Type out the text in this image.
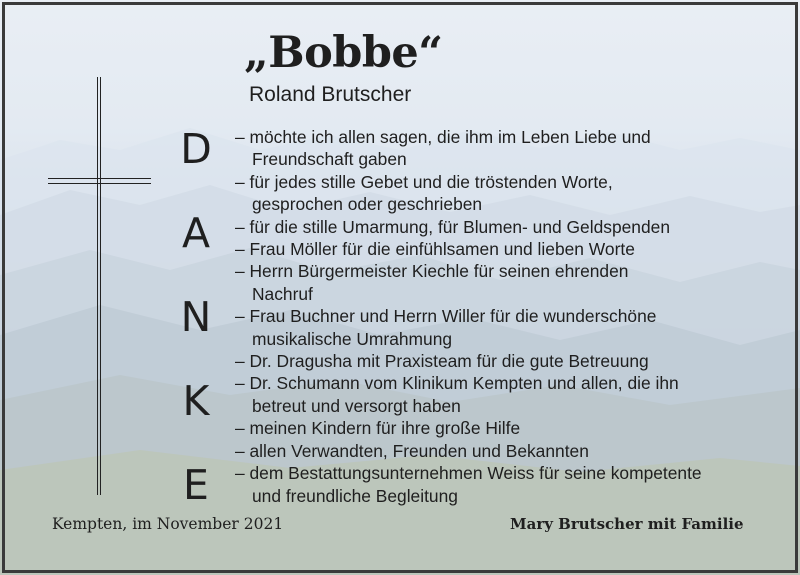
„Bobbe“
Roland Brutscher
D
A
N
K
E
– möchte ich allen sagen, die ihm im Leben Liebe und
Freundschaft gaben
– für jedes stille Gebet und die tröstenden Worte,
gesprochen oder geschrieben
– für die stille Umarmung, für Blumen- und Geldspenden
– Frau Möller für die einfühlsamen und lieben Worte
– Herrn Bürgermeister Kiechle für seinen ehrenden
Nachruf
– Frau Buchner und Herrn Willer für die wunderschöne
musikalische Umrahmung
– Dr. Dragusha mit Praxisteam für die gute Betreuung
– Dr. Schumann vom Klinikum Kempten und allen, die ihn
betreut und versorgt haben
– meinen Kindern für ihre große Hilfe
– allen Verwandten, Freunden und Bekannten
– dem Bestattungsunternehmen Weiss für seine kompetente
und freundliche Begleitung
Kempten, im November 2021	Mary Brutscher mit Familie
